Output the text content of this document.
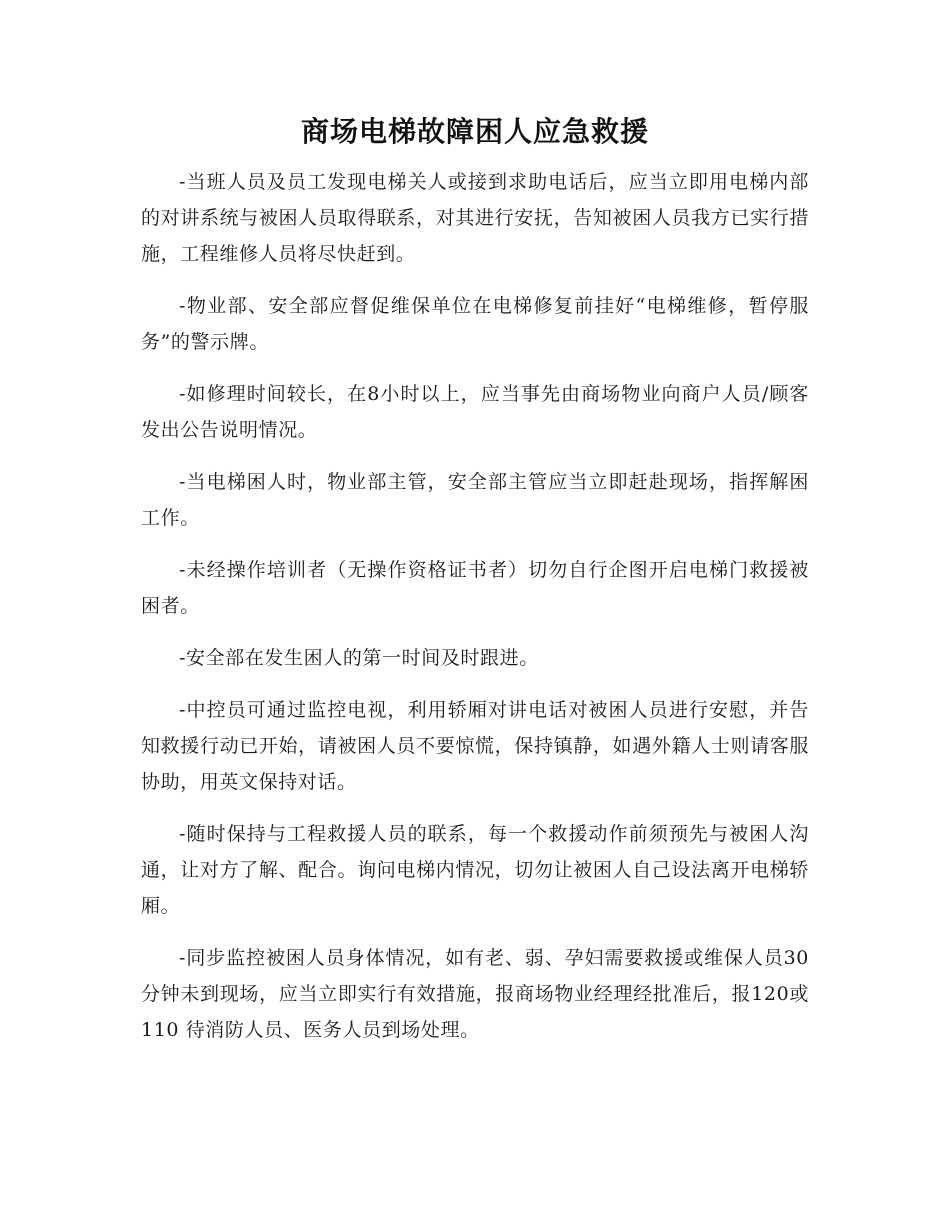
商场电梯故障困人应急救援

-当班人员及员工发现电梯关人或接到求助电话后，应当立即用电梯内部的对讲系统与被困人员取得联系，对其进行安抚，告知被困人员我方已实行措施，工程维修人员将尽快赶到。

-物业部、安全部应督促维保单位在电梯修复前挂好“电梯维修，暂停服务”的警示牌。

-如修理时间较长，在8小时以上，应当事先由商场物业向商户人员/顾客发出公告说明情况。

-当电梯困人时，物业部主管，安全部主管应当立即赶赴现场，指挥解困工作。

-未经操作培训者（无操作资格证书者）切勿自行企图开启电梯门救援被困者。

-安全部在发生困人的第一时间及时跟进。

-中控员可通过监控电视，利用轿厢对讲电话对被困人员进行安慰，并告知救援行动已开始，请被困人员不要惊慌，保持镇静，如遇外籍人士则请客服协助，用英文保持对话。

-随时保持与工程救援人员的联系，每一个救援动作前须预先与被困人沟通，让对方了解、配合。询问电梯内情况，切勿让被困人自己设法离开电梯轿厢。

-同步监控被困人员身体情况，如有老、弱、孕妇需要救援或维保人员30 分钟未到现场，应当立即实行有效措施，报商场物业经理经批准后，报120或110 待消防人员、医务人员到场处理。
